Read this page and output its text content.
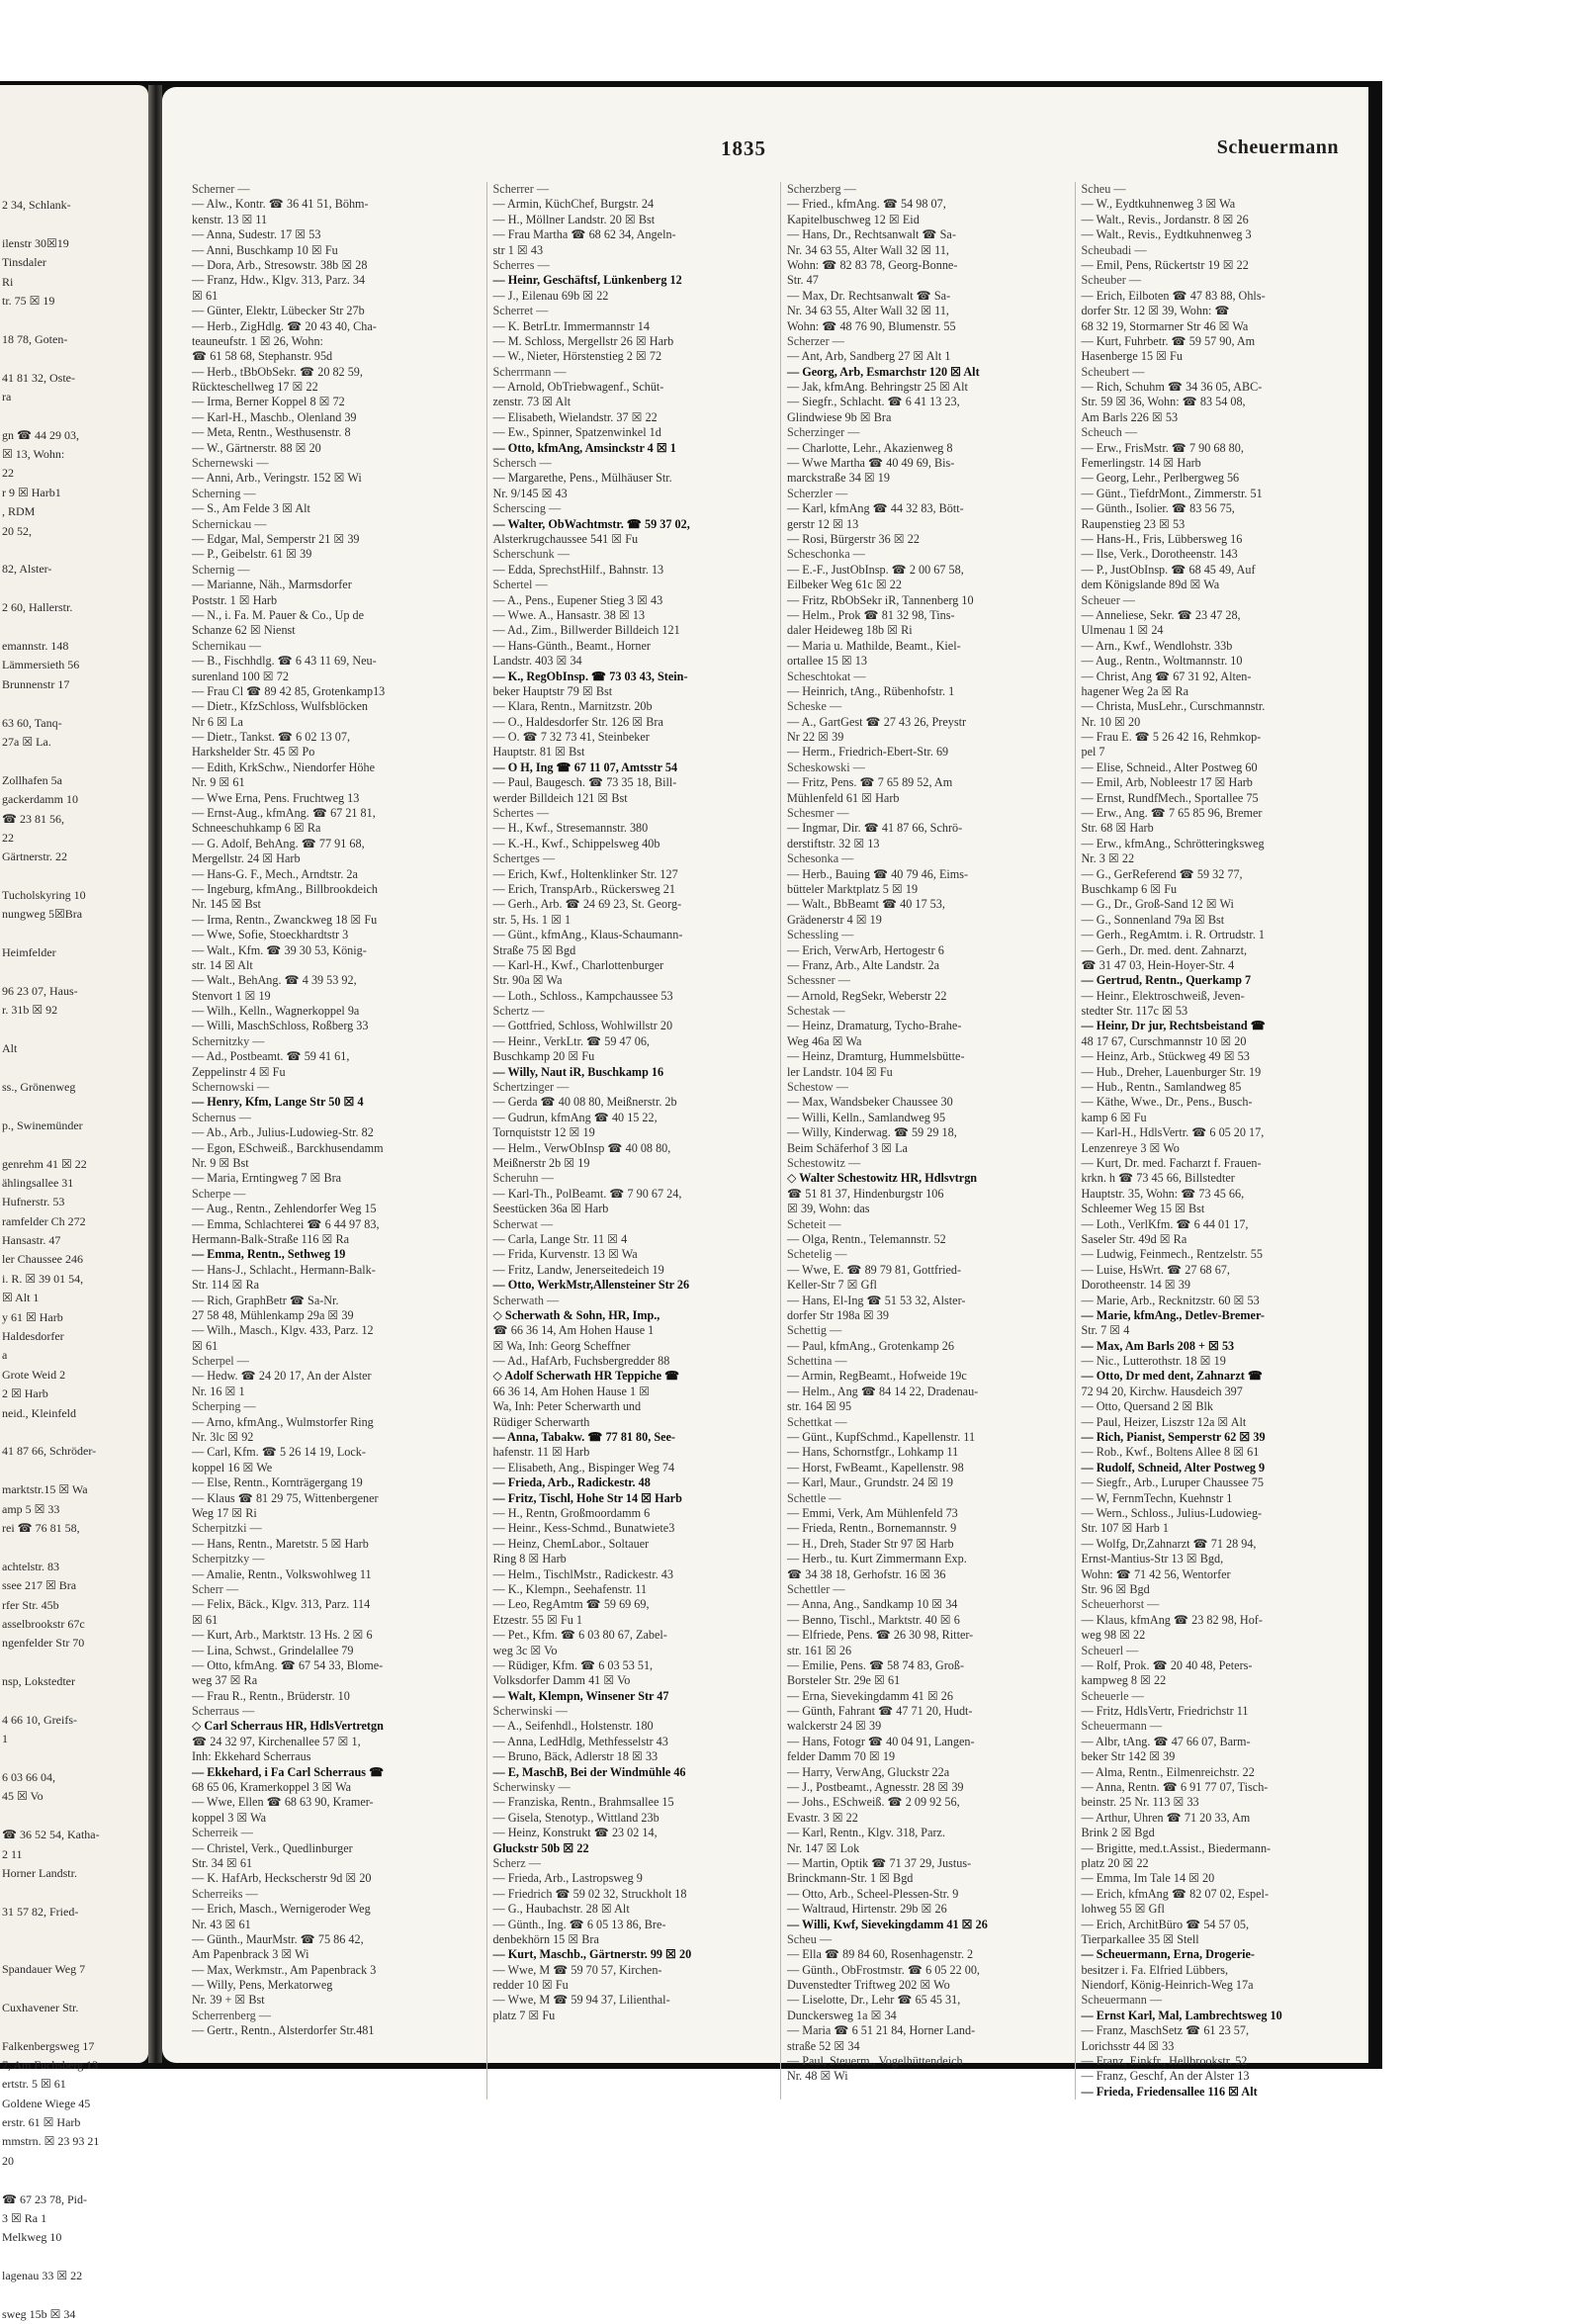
2 34, Schlank-
ilenstr 30☒19
Tinsdaler
Ri
tr. 75 ☒ 19
18 78, Goten-
41 81 32, Oste-
ra
gn ☎ 44 29 03,
☒ 13, Wohn:
22
r 9 ☒ Harb1
, RDM
20 52,
82, Alster-
2 60, Hallerstr.
emannstr. 148
Lämmersieth 56
Brunnenstr 17
63 60, Tanq-
27a ☒ La.
Zollhafen 5a
gackerdamm 10
☎ 23 81 56,
22
Gärtnerstr. 22
Tucholskyring 10
nungweg 5☒Bra
Heimfelder
96 23 07, Haus-
r. 31b ☒ 92
Alt
ss., Grönenweg
p., Swinemünder
genrehm 41 ☒ 22
ählingsallee 31
Hufnerstr. 53
ramfelder Ch 272
Hansastr. 47
ler Chaussee 246
i. R. ☒ 39 01 54,
☒ Alt 1
y 61 ☒ Harb
Haldesdorfer
a
Grote Weid 2
2 ☒ Harb
neid., Kleinfeld
41 87 66, Schröder-
marktstr.15 ☒ Wa
amp 5 ☒ 33
rei ☎ 76 81 58,
achtelstr. 83
ssee 217 ☒ Bra
rfer Str. 45b
asselbrookstr 67c
ngenfelder Str 70
nsp, Lokstedter
4 66 10, Greifs-
1
6 03 66 04,
45 ☒ Vo
☎ 36 52 54, Katha-
2 11
Horner Landstr.
31 57 82, Fried-
Spandauer Weg 7
Cuxhavener Str.
Falkenbergsweg 17
7, Am Fuchsberg 13
ertstr. 5 ☒ 61
Goldene Wiege 45
erstr. 61 ☒ Harb
mmstrn. ☒ 23 93 21
20
☎ 67 23 78, Pid-
3 ☒ Ra 1
Melkweg 10
lagenau 33 ☒ 22
sweg 15b ☒ 34
1835	Scheuermann
Scherner —
— Alw., Kontr. ☎ 36 41 51, Böhm-
kenstr. 13 ☒ 11
— Anna, Sudestr. 17 ☒ 53
— Anni, Buschkamp 10 ☒ Fu
— Dora, Arb., Stresowstr. 38b ☒ 28
— Franz, Hdw., Klgv. 313, Parz. 34
☒ 61
— Günter, Elektr, Lübecker Str 27b
— Herb., ZigHdlg. ☎ 20 43 40, Cha-
teauneufstr. 1 ☒ 26, Wohn:
☎ 61 58 68, Stephanstr. 95d
— Herb., tBbObSekr. ☎ 20 82 59,
Rückteschellweg 17 ☒ 22
— Irma, Berner Koppel 8 ☒ 72
— Karl-H., Maschb., Olenland 39
— Meta, Rentn., Westhusenstr. 8
— W., Gärtnerstr. 88 ☒ 20
Schernewski —
— Anni, Arb., Veringstr. 152 ☒ Wi
Scherning —
— S., Am Felde 3 ☒ Alt
Schernickau —
— Edgar, Mal, Semperstr 21 ☒ 39
— P., Geibelstr. 61 ☒ 39
Schernig —
— Marianne, Näh., Marmsdorfer
Poststr. 1 ☒ Harb
— N., i. Fa. M. Pauer & Co., Up de
Schanze 62 ☒ Nienst
Schernikau —
— B., Fischhdlg. ☎ 6 43 11 69, Neu-
surenland 100 ☒ 72
— Frau Cl ☎ 89 42 85, Grotenkamp13
— Dietr., KfzSchloss, Wulfsblöcken
Nr 6 ☒ La
— Dietr., Tankst. ☎ 6 02 13 07,
Harkshelder Str. 45 ☒ Po
— Edith, KrkSchw., Niendorfer Höhe
Nr. 9 ☒ 61
— Wwe Erna, Pens. Fruchtweg 13
— Ernst-Aug., kfmAng. ☎ 67 21 81,
Schneeschuhkamp 6 ☒ Ra
— G. Adolf, BehAng. ☎ 77 91 68,
Mergellstr. 24 ☒ Harb
— Hans-G. F., Mech., Arndtstr. 2a
— Ingeburg, kfmAng., Billbrookdeich
Nr. 145 ☒ Bst
— Irma, Rentn., Zwanckweg 18 ☒ Fu
— Wwe, Sofie, Stoeckhardtstr 3
— Walt., Kfm. ☎ 39 30 53, König-
str. 14 ☒ Alt
— Walt., BehAng. ☎ 4 39 53 92,
Stenvort 1 ☒ 19
— Wilh., Kelln., Wagnerkoppel 9a
— Willi, MaschSchloss, Roßberg 33
Schernitzky —
— Ad., Postbeamt. ☎ 59 41 61,
Zeppelinstr 4 ☒ Fu
Schernowski —
— Henry, Kfm, Lange Str 50 ☒ 4
Schernus —
— Ab., Arb., Julius-Ludowieg-Str. 82
— Egon, ESchweiß., Barckhusendamm
Nr. 9 ☒ Bst
— Maria, Erntingweg 7 ☒ Bra
Scherpe —
— Aug., Rentn., Zehlendorfer Weg 15
— Emma, Schlachterei ☎ 6 44 97 83,
Hermann-Balk-Straße 116 ☒ Ra
— Emma, Rentn., Sethweg 19
— Hans-J., Schlacht., Hermann-Balk-
Str. 114 ☒ Ra
— Rich, GraphBetr ☎ Sa-Nr.
27 58 48, Mühlenkamp 29a ☒ 39
— Wilh., Masch., Klgv. 433, Parz. 12
☒ 61
Scherpel —
— Hedw. ☎ 24 20 17, An der Alster
Nr. 16 ☒ 1
Scherping —
— Arno, kfmAng., Wulmstorfer Ring
Nr. 3lc ☒ 92
— Carl, Kfm. ☎ 5 26 14 19, Lock-
koppel 16 ☒ We
— Else, Rentn., Kornträgergang 19
— Klaus ☎ 81 29 75, Wittenbergener
Weg 17 ☒ Ri
Scherpitzki —
— Hans, Rentn., Maretstr. 5 ☒ Harb
Scherpitzky —
— Amalie, Rentn., Volkswohlweg 11
Scherr —
— Felix, Bäck., Klgv. 313, Parz. 114
☒ 61
— Kurt, Arb., Marktstr. 13 Hs. 2 ☒ 6
— Lina, Schwst., Grindelallee 79
— Otto, kfmAng. ☎ 67 54 33, Blome-
weg 37 ☒ Ra
— Frau R., Rentn., Brüderstr. 10
Scherraus —
◇ Carl Scherraus HR, HdlsVertretgn
☎ 24 32 97, Kirchenallee 57 ☒ 1,
Inh: Ekkehard Scherraus
— Ekkehard, i Fa Carl Scherraus ☎
68 65 06, Kramerkoppel 3 ☒ Wa
— Wwe, Ellen ☎ 68 63 90, Kramer-
koppel 3 ☒ Wa
Scherreik —
— Christel, Verk., Quedlinburger
Str. 34 ☒ 61
— K. HafArb, Heckscherstr 9d ☒ 20
Scherreiks —
— Erich, Masch., Wernigeroder Weg
Nr. 43 ☒ 61
— Günth., MaurMstr. ☎ 75 86 42,
Am Papenbrack 3 ☒ Wi
— Max, Werkmstr., Am Papenbrack 3
— Willy, Pens, Merkatorweg
Nr. 39 + ☒ Bst
Scherrenberg —
— Gertr., Rentn., Alsterdorfer Str.481
Scherrer —
— Armin, KüchChef, Burgstr. 24
— H., Möllner Landstr. 20 ☒ Bst
— Frau Martha ☎ 68 62 34, Angeln-
str 1 ☒ 43
Scherres —
— Heinr, Geschäftsf, Lünkenberg 12
— J., Eilenau 69b ☒ 22
Scherret —
— K. BetrLtr. Immermannstr 14
— M. Schloss, Mergellstr 26 ☒ Harb
— W., Nieter, Hörstenstieg 2 ☒ 72
Scherrmann —
— Arnold, ObTriebwagenf., Schüt-
zenstr. 73 ☒ Alt
— Elisabeth, Wielandstr. 37 ☒ 22
— Ew., Spinner, Spatzenwinkel 1d
— Otto, kfmAng, Amsinckstr 4 ☒ 1
Schersch —
— Margarethe, Pens., Mülhäuser Str.
Nr. 9/145 ☒ 43
Scherscing —
— Walter, ObWachtmstr. ☎ 59 37 02,
Alsterkrugchaussee 541 ☒ Fu
Scherschunk —
— Edda, SprechstHilf., Bahnstr. 13
Schertel —
— A., Pens., Eupener Stieg 3 ☒ 43
— Wwe. A., Hansastr. 38 ☒ 13
— Ad., Zim., Billwerder Billdeich 121
— Hans-Günth., Beamt., Horner
Landstr. 403 ☒ 34
— K., RegObInsp. ☎ 73 03 43, Stein-
beker Hauptstr 79 ☒ Bst
— Klara, Rentn., Marnitzstr. 20b
— O., Haldesdorfer Str. 126 ☒ Bra
— O. ☎ 7 32 73 41, Steinbeker
Hauptstr. 81 ☒ Bst
— O H, Ing ☎ 67 11 07, Amtsstr 54
— Paul, Baugesch. ☎ 73 35 18, Bill-
werder Billdeich 121 ☒ Bst
Schertes —
— H., Kwf., Stresemannstr. 380
— K.-H., Kwf., Schippelsweg 40b
Schertges —
— Erich, Kwf., Holtenklinker Str. 127
— Erich, TranspArb., Rückersweg 21
— Gerh., Arb. ☎ 24 69 23, St. Georg-
str. 5, Hs. 1 ☒ 1
— Günt., kfmAng., Klaus-Schaumann-
Straße 75 ☒ Bgd
— Karl-H., Kwf., Charlottenburger
Str. 90a ☒ Wa
— Loth., Schloss., Kampchaussee 53
Schertz —
— Gottfried, Schloss, Wohlwillstr 20
— Heinr., VerkLtr. ☎ 59 47 06,
Buschkamp 20 ☒ Fu
— Willy, Naut iR, Buschkamp 16
Schertzinger —
— Gerda ☎ 40 08 80, Meißnerstr. 2b
— Gudrun, kfmAng ☎ 40 15 22,
Tornquiststr 12 ☒ 19
— Helm., VerwObInsp ☎ 40 08 80,
Meißnerstr 2b ☒ 19
Scheruhn —
— Karl-Th., PolBeamt. ☎ 7 90 67 24,
Seestücken 36a ☒ Harb
Scherwat —
— Carla, Lange Str. 11 ☒ 4
— Frida, Kurvenstr. 13 ☒ Wa
— Fritz, Landw, Jenerseitedeich 19
— Otto, WerkMstr,Allensteiner Str 26
Scherwath —
◇ Scherwath & Sohn, HR, Imp.,
☎ 66 36 14, Am Hohen Hause 1
☒ Wa, Inh: Georg Scheffner
— Ad., HafArb, Fuchsbergredder 88
◇ Adolf Scherwath HR Teppiche ☎
66 36 14, Am Hohen Hause 1 ☒
Wa, Inh: Peter Scherwarth und
Rüdiger Scherwarth
— Anna, Tabakw. ☎ 77 81 80, See-
hafenstr. 11 ☒ Harb
— Elisabeth, Ang., Bispinger Weg 74
— Frieda, Arb., Radickestr. 48
— Fritz, Tischl, Hohe Str 14 ☒ Harb
— H., Rentn, Großmoordamm 6
— Heinr., Kess-Schmd., Bunatwiete3
— Heinz, ChemLabor., Soltauer
Ring 8 ☒ Harb
— Helm., TischlMstr., Radickestr. 43
— K., Klempn., Seehafenstr. 11
— Leo, RegAmtm ☎ 59 69 69,
Etzestr. 55 ☒ Fu 1
— Pet., Kfm. ☎ 6 03 80 67, Zabel-
weg 3c ☒ Vo
— Rüdiger, Kfm. ☎ 6 03 53 51,
Volksdorfer Damm 41 ☒ Vo
— Walt, Klempn, Winsener Str 47
Scherwinski —
— A., Seifenhdl., Holstenstr. 180
— Anna, LedHdlg, Methfesselstr 43
— Bruno, Bäck, Adlerstr 18 ☒ 33
— E, MaschB, Bei der Windmühle 46
Scherwinsky —
— Franziska, Rentn., Brahmsallee 15
— Gisela, Stenotyp., Wittland 23b
— Heinz, Konstrukt ☎ 23 02 14,
Gluckstr 50b ☒ 22
Scherz —
— Frieda, Arb., Lastropsweg 9
— Friedrich ☎ 59 02 32, Struckholt 18
— G., Haubachstr. 28 ☒ Alt
— Günth., Ing. ☎ 6 05 13 86, Bre-
denbekhörn 15 ☒ Bra
— Kurt, Maschb., Gärtnerstr. 99 ☒ 20
— Wwe, M ☎ 59 70 57, Kirchen-
redder 10 ☒ Fu
— Wwe, M ☎ 59 94 37, Lilienthal-
platz 7 ☒ Fu
Scherzberg —
— Fried., kfmAng. ☎ 54 98 07,
Kapitelbuschweg 12 ☒ Eid
— Hans, Dr., Rechtsanwalt ☎ Sa-
Nr. 34 63 55, Alter Wall 32 ☒ 11,
Wohn: ☎ 82 83 78, Georg-Bonne-
Str. 47
— Max, Dr. Rechtsanwalt ☎ Sa-
Nr. 34 63 55, Alter Wall 32 ☒ 11,
Wohn: ☎ 48 76 90, Blumenstr. 55
Scherzer —
— Ant, Arb, Sandberg 27 ☒ Alt 1
— Georg, Arb, Esmarchstr 120 ☒ Alt
— Jak, kfmAng. Behringstr 25 ☒ Alt
— Siegfr., Schlacht. ☎ 6 41 13 23,
Glindwiese 9b ☒ Bra
Scherzinger —
— Charlotte, Lehr., Akazienweg 8
— Wwe Martha ☎ 40 49 69, Bis-
marckstraße 34 ☒ 19
Scherzler —
— Karl, kfmAng ☎ 44 32 83, Bött-
gerstr 12 ☒ 13
— Rosi, Bürgerstr 36 ☒ 22
Scheschonka —
— E.-F., JustObInsp. ☎ 2 00 67 58,
Eilbeker Weg 61c ☒ 22
— Fritz, RbObSekr iR, Tannenberg 10
— Helm., Prok ☎ 81 32 98, Tins-
daler Heideweg 18b ☒ Ri
— Maria u. Mathilde, Beamt., Kiel-
ortallee 15 ☒ 13
Scheschtokat —
— Heinrich, tAng., Rübenhofstr. 1
Scheske —
— A., GartGest ☎ 27 43 26, Preystr
Nr 22 ☒ 39
— Herm., Friedrich-Ebert-Str. 69
Scheskowski —
— Fritz, Pens. ☎ 7 65 89 52, Am
Mühlenfeld 61 ☒ Harb
Schesmer —
— Ingmar, Dir. ☎ 41 87 66, Schrö-
derstiftstr. 32 ☒ 13
Schesonka —
— Herb., Bauing ☎ 40 79 46, Eims-
bütteler Marktplatz 5 ☒ 19
— Walt., BbBeamt ☎ 40 17 53,
Grädenerstr 4 ☒ 19
Schessling —
— Erich, VerwArb, Hertogestr 6
— Franz, Arb., Alte Landstr. 2a
Schessner —
— Arnold, RegSekr, Weberstr 22
Schestak —
— Heinz, Dramaturg, Tycho-Brahe-
Weg 46a ☒ Wa
— Heinz, Dramturg, Hummelsbütte-
ler Landstr. 104 ☒ Fu
Schestow —
— Max, Wandsbeker Chaussee 30
— Willi, Kelln., Samlandweg 95
— Willy, Kinderwag. ☎ 59 29 18,
Beim Schäferhof 3 ☒ La
Schestowitz —
◇ Walter Schestowitz HR, Hdlsvtrgn
☎ 51 81 37, Hindenburgstr 106
☒ 39, Wohn: das
Scheteit —
— Olga, Rentn., Telemannstr. 52
Schetelig —
— Wwe, E. ☎ 89 79 81, Gottfried-
Keller-Str 7 ☒ Gfl
— Hans, El-Ing ☎ 51 53 32, Alster-
dorfer Str 198a ☒ 39
Schettig —
— Paul, kfmAng., Grotenkamp 26
Schettina —
— Armin, RegBeamt., Hofweide 19c
— Helm., Ang ☎ 84 14 22, Dradenau-
str. 164 ☒ 95
Schettkat —
— Günt., KupfSchmd., Kapellenstr. 11
— Hans, Schornstfgr., Lohkamp 11
— Horst, FwBeamt., Kapellenstr. 98
— Karl, Maur., Grundstr. 24 ☒ 19
Schettle —
— Emmi, Verk, Am Mühlenfeld 73
— Frieda, Rentn., Bornemannstr. 9
— H., Dreh, Stader Str 97 ☒ Harb
— Herb., tu. Kurt Zimmermann Exp.
☎ 34 38 18, Gerhofstr. 16 ☒ 36
Schettler —
— Anna, Ang., Sandkamp 10 ☒ 34
— Benno, Tischl., Marktstr. 40 ☒ 6
— Elfriede, Pens. ☎ 26 30 98, Ritter-
str. 161 ☒ 26
— Emilie, Pens. ☎ 58 74 83, Groß-
Borsteler Str. 29e ☒ 61
— Erna, Sievekingdamm 41 ☒ 26
— Günth, Fahrant ☎ 47 71 20, Hudt-
walckerstr 24 ☒ 39
— Hans, Fotogr ☎ 40 04 91, Langen-
felder Damm 70 ☒ 19
— Harry, VerwAng, Gluckstr 22a
— J., Postbeamt., Agnesstr. 28 ☒ 39
— Johs., ESchweiß. ☎ 2 09 92 56,
Evastr. 3 ☒ 22
— Karl, Rentn., Klgv. 318, Parz.
Nr. 147 ☒ Lok
— Martin, Optik ☎ 71 37 29, Justus-
Brinckmann-Str. 1 ☒ Bgd
— Otto, Arb., Scheel-Plessen-Str. 9
— Waltraud, Hirtenstr. 29b ☒ 26
— Willi, Kwf, Sievekingdamm 41 ☒ 26
Scheu —
— Ella ☎ 89 84 60, Rosenhagenstr. 2
— Günth., ObFrostmstr. ☎ 6 05 22 00,
Duvenstedter Triftweg 202 ☒ Wo
— Liselotte, Dr., Lehr ☎ 65 45 31,
Dunckersweg 1a ☒ 34
— Maria ☎ 6 51 21 84, Horner Land-
straße 52 ☒ 34
— Paul, Steuerm., Vogelhüttendeich
Nr. 48 ☒ Wi
Scheu —
— W., Eydtkuhnenweg 3 ☒ Wa
— Walt., Revis., Jordanstr. 8 ☒ 26
— Walt., Revis., Eydtkuhnenweg 3
Scheubadi —
— Emil, Pens, Rückertstr 19 ☒ 22
Scheuber —
— Erich, Eilboten ☎ 47 83 88, Ohls-
dorfer Str. 12 ☒ 39, Wohn: ☎
68 32 19, Stormarner Str 46 ☒ Wa
— Kurt, Fuhrbetr. ☎ 59 57 90, Am
Hasenberge 15 ☒ Fu
Scheubert —
— Rich, Schuhm ☎ 34 36 05, ABC-
Str. 59 ☒ 36, Wohn: ☎ 83 54 08,
Am Barls 226 ☒ 53
Scheuch —
— Erw., FrisMstr. ☎ 7 90 68 80,
Femerlingstr. 14 ☒ Harb
— Georg, Lehr., Perlbergweg 56
— Günt., TiefdrMont., Zimmerstr. 51
— Günth., Isolier. ☎ 83 56 75,
Raupenstieg 23 ☒ 53
— Hans-H., Fris, Lübbersweg 16
— Ilse, Verk., Dorotheenstr. 143
— P., JustObInsp. ☎ 68 45 49, Auf
dem Königslande 89d ☒ Wa
Scheuer —
— Anneliese, Sekr. ☎ 23 47 28,
Ulmenau 1 ☒ 24
— Arn., Kwf., Wendlohstr. 33b
— Aug., Rentn., Woltmannstr. 10
— Christ, Ang ☎ 67 31 92, Alten-
hagener Weg 2a ☒ Ra
— Christa, MusLehr., Curschmannstr.
Nr. 10 ☒ 20
— Frau E. ☎ 5 26 42 16, Rehmkop-
pel 7
— Elise, Schneid., Alter Postweg 60
— Emil, Arb, Nobleestr 17 ☒ Harb
— Ernst, RundfMech., Sportallee 75
— Erw., Ang. ☎ 7 65 85 96, Bremer
Str. 68 ☒ Harb
— Erw., kfmAng., Schrötteringksweg
Nr. 3 ☒ 22
— G., GerReferend ☎ 59 32 77,
Buschkamp 6 ☒ Fu
— G., Dr., Groß-Sand 12 ☒ Wi
— G., Sonnenland 79a ☒ Bst
— Gerh., RegAmtm. i. R. Ortrudstr. 1
— Gerh., Dr. med. dent. Zahnarzt,
☎ 31 47 03, Hein-Hoyer-Str. 4
— Gertrud, Rentn., Querkamp 7
— Heinr., Elektroschweiß, Jeven-
stedter Str. 117c ☒ 53
— Heinr, Dr jur, Rechtsbeistand ☎
48 17 67, Curschmannstr 10 ☒ 20
— Heinz, Arb., Stückweg 49 ☒ 53
— Hub., Dreher, Lauenburger Str. 19
— Hub., Rentn., Samlandweg 85
— Käthe, Wwe., Dr., Pens., Busch-
kamp 6 ☒ Fu
— Karl-H., HdlsVertr. ☎ 6 05 20 17,
Lenzenreye 3 ☒ Wo
— Kurt, Dr. med. Facharzt f. Frauen-
krkn. h ☎ 73 45 66, Billstedter
Hauptstr. 35, Wohn: ☎ 73 45 66,
Schleemer Weg 15 ☒ Bst
— Loth., VerlKfm. ☎ 6 44 01 17,
Saseler Str. 49d ☒ Ra
— Ludwig, Feinmech., Rentzelstr. 55
— Luise, HsWrt. ☎ 27 68 67,
Dorotheenstr. 14 ☒ 39
— Marie, Arb., Recknitzstr. 60 ☒ 53
— Marie, kfmAng., Detlev-Bremer-
Str. 7 ☒ 4
— Max, Am Barls 208 + ☒ 53
— Nic., Lutterothstr. 18 ☒ 19
— Otto, Dr med dent, Zahnarzt ☎
72 94 20, Kirchw. Hausdeich 397
— Otto, Quersand 2 ☒ Blk
— Paul, Heizer, Liszstr 12a ☒ Alt
— Rich, Pianist, Semperstr 62 ☒ 39
— Rob., Kwf., Boltens Allee 8 ☒ 61
— Rudolf, Schneid, Alter Postweg 9
— Siegfr., Arb., Luruper Chaussee 75
— W, FernmTechn, Kuehnstr 1
— Wern., Schloss., Julius-Ludowieg-
Str. 107 ☒ Harb 1
— Wolfg, Dr,Zahnarzt ☎ 71 28 94,
Ernst-Mantius-Str 13 ☒ Bgd,
Wohn: ☎ 71 42 56, Wentorfer
Str. 96 ☒ Bgd
Scheuerhorst —
— Klaus, kfmAng ☎ 23 82 98, Hof-
weg 98 ☒ 22
Scheuerl —
— Rolf, Prok. ☎ 20 40 48, Peters-
kampweg 8 ☒ 22
Scheuerle —
— Fritz, HdlsVertr, Friedrichstr 11
Scheuermann —
— Albr, tAng. ☎ 47 66 07, Barm-
beker Str 142 ☒ 39
— Alma, Rentn., Eilmenreichstr. 22
— Anna, Rentn. ☎ 6 91 77 07, Tisch-
beinstr. 25 Nr. 113 ☒ 33
— Arthur, Uhren ☎ 71 20 33, Am
Brink 2 ☒ Bgd
— Brigitte, med.t.Assist., Biedermann-
platz 20 ☒ 22
— Emma, Im Tale 14 ☒ 20
— Erich, kfmAng ☎ 82 07 02, Espel-
lohweg 55 ☒ Gfl
— Erich, ArchitBüro ☎ 54 57 05,
Tierparkallee 35 ☒ Stell
— Scheuermann, Erna, Drogerie-
besitzer i. Fa. Elfried Lübbers,
Niendorf, König-Heinrich-Weg 17a
Scheuermann —
— Ernst Karl, Mal, Lambrechtsweg 10
— Franz, MaschSetz ☎ 61 23 57,
Lorichsstr 44 ☒ 33
— Franz, Einkfr., Hellbrookstr. 52
— Franz, Geschf, An der Alster 13
— Frieda, Friedensallee 116 ☒ Alt
